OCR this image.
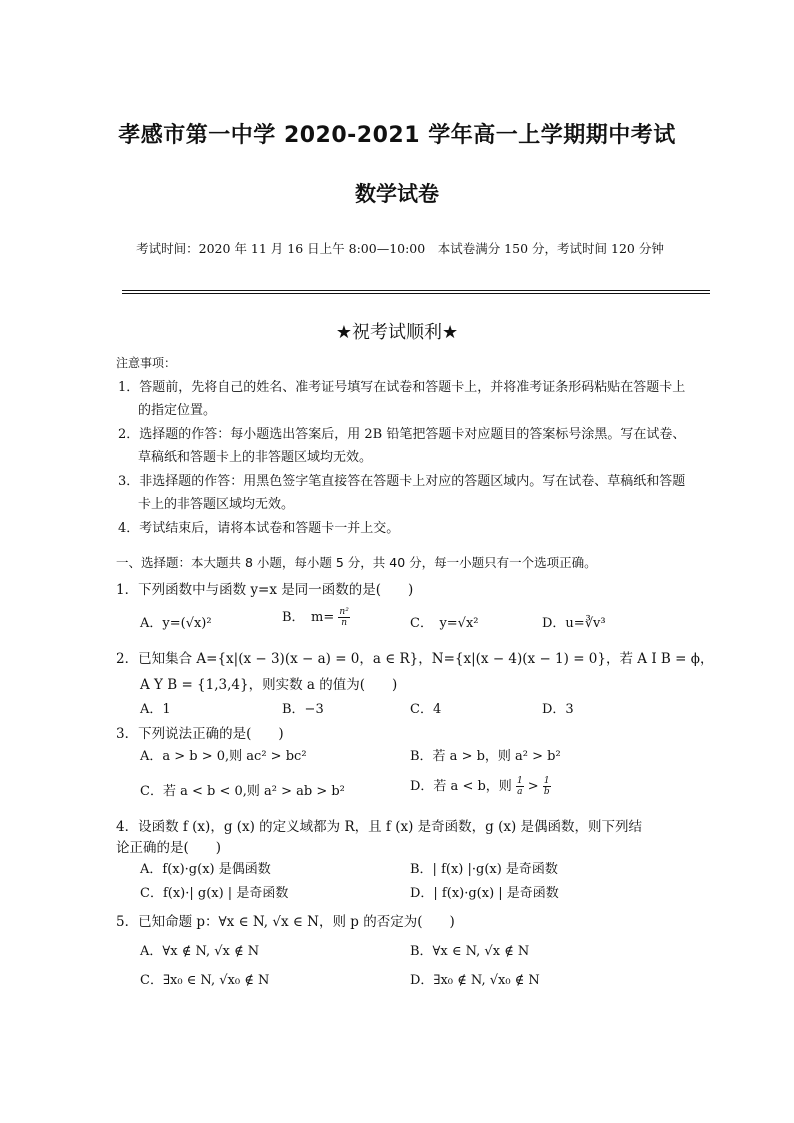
孝感市第一中学 2020-2021 学年高一上学期期中考试
数学试卷
考试时间：2020 年 11 月 16 日上午 8:00—10:00　本试卷满分 150 分，考试时间 120 分钟
★祝考试顺利★
注意事项：
1．答题前，先将自己的姓名、准考证号填写在试卷和答题卡上，并将准考证条形码粘贴在答题卡上的指定位置。
2．选择题的作答：每小题选出答案后，用 2B 铅笔把答题卡对应题目的答案标号涂黑。写在试卷、草稿纸和答题卡上的非答题区域均无效。
3．非选择题的作答：用黑色签字笔直接答在答题卡上对应的答题区域内。写在试卷、草稿纸和答题卡上的非答题区域均无效。
4．考试结束后，请将本试卷和答题卡一并上交。
一、选择题：本大题共 8 小题，每小题 5 分，共 40 分，每一小题只有一个选项正确。
1．下列函数中与函数 y=x 是同一函数的是(　　)
A．y=(√x)²	B．　$m= \frac{\text{n²}}{n}$	C．　y=√x²	D．u=∛v³
2．已知集合 A={x|(x − 3)(x − a) = 0，a ∈ R}，N={x|(x − 4)(x − 1) = 0}，若 A I B = ϕ，
A Y B = {1,3,4}，则实数 a 的值为(　　)
A．1	B．−3	C．4	D．3
3．下列说法正确的是(　　)
A．a > b > 0,则 ac² > bc²	B．若 a > b，则 a² > b²
C．若 a < b < 0,则 a² > ab > b²	D．若 a < b，则 $\frac{1}{a} > \frac{1}{b}$
4．设函数 f (x)，g (x) 的定义域都为 R，且 f (x) 是奇函数，g (x) 是偶函数，则下列结
论正确的是(　　)
A．f(x)·g(x) 是偶函数	B．| f(x) |·g(x) 是奇函数
C．f(x)·| g(x) | 是奇函数	D．| f(x)·g(x) | 是奇函数
5．已知命题 p：∀x ∈ N, √x ∈ N，则 p 的否定为(　　)
A．∀x ∉ N, √x ∉ N	B．∀x ∈ N, √x ∉ N
C．∃x₀ ∈ N, √x₀ ∉ N	D．∃x₀ ∉ N, √x₀ ∉ N
